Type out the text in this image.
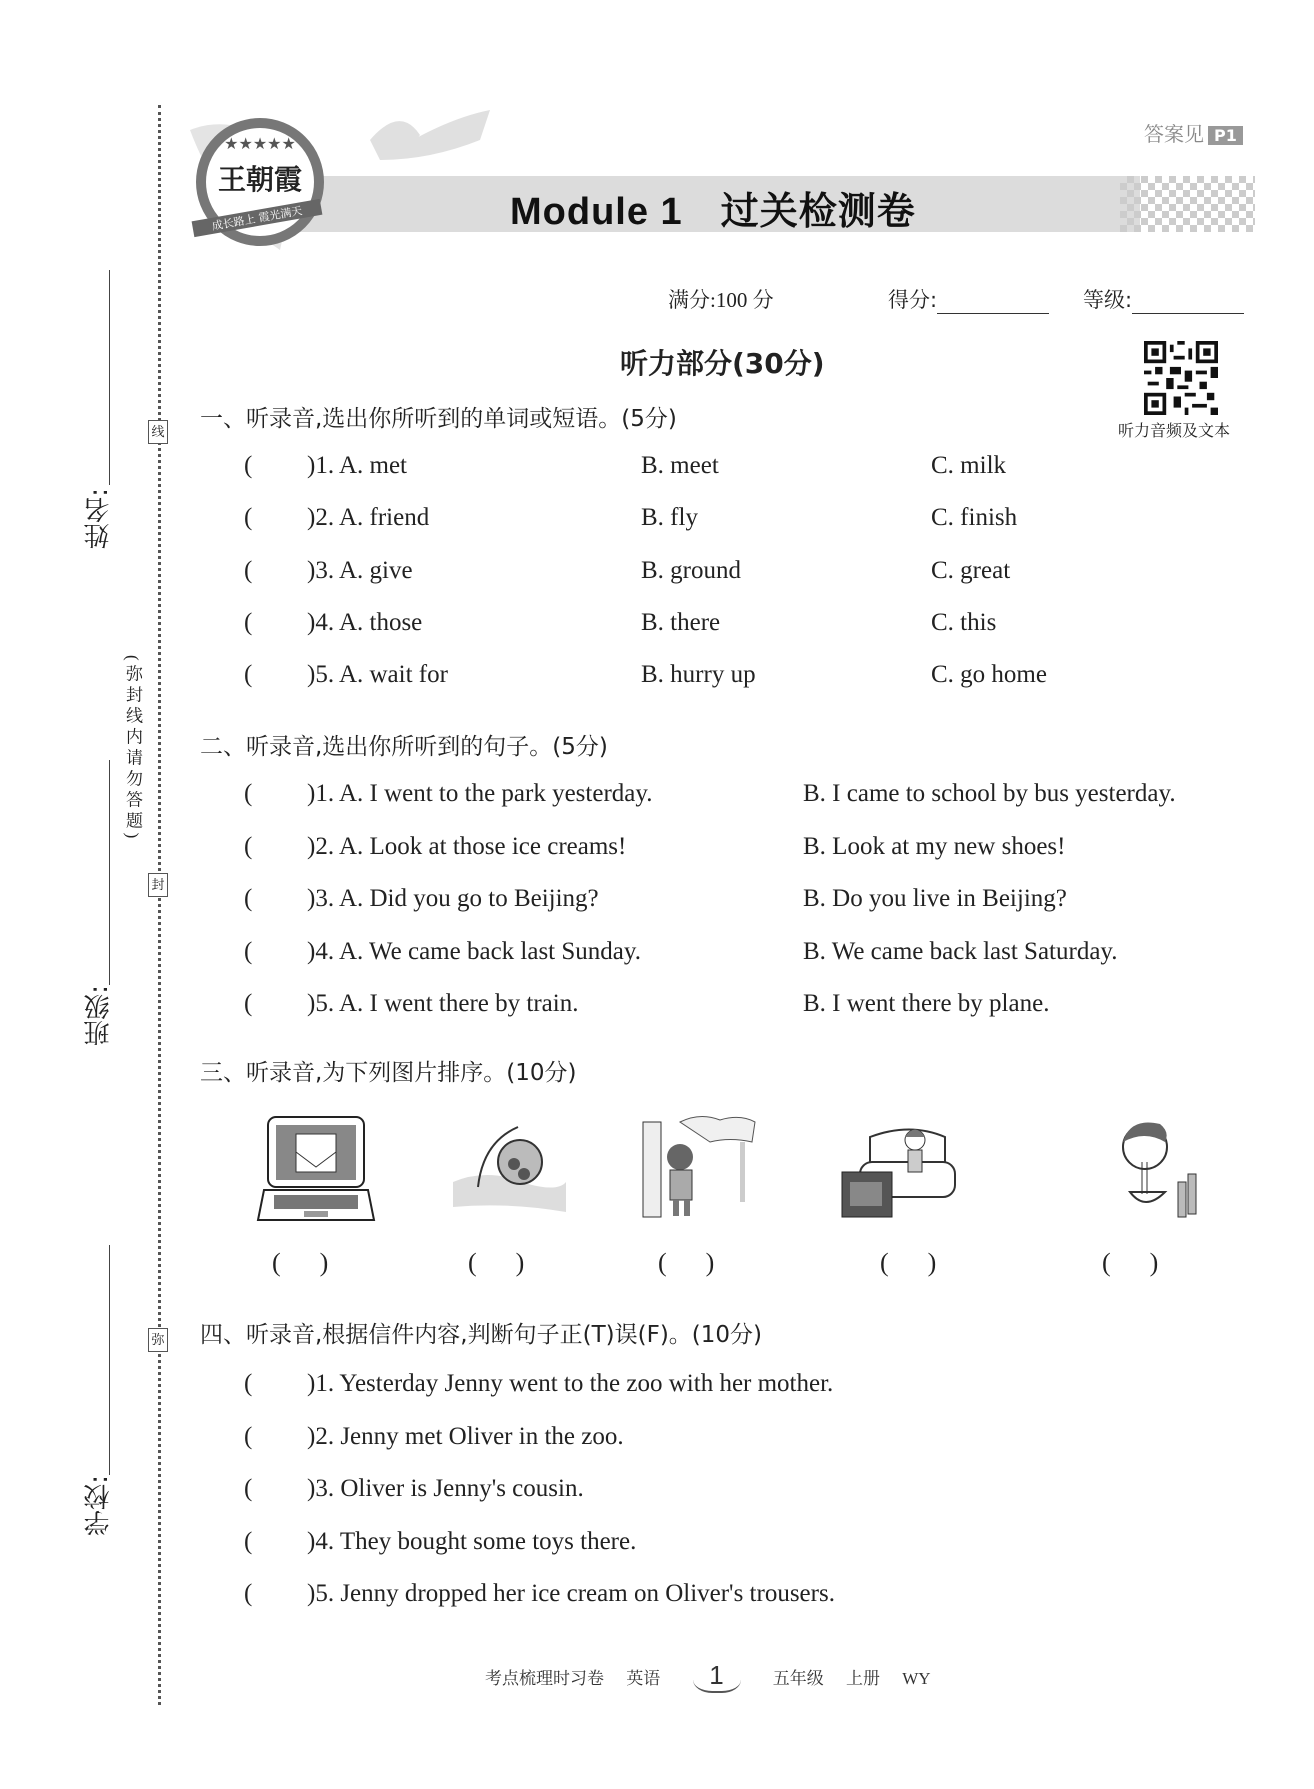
线
封
弥
(弥封线内请勿答题)
姓名:
班级:
学校:
★★★★★
王朝霞
成长路上 霞光满天	Module 1 过关检测卷
答案见 P1
满分:100 分	得分:	等级:
听力部分(30分)
听力音频及文本
一、听录音,选出你所听到的单词或短语。(5分)
( )1. A. met	B. meet	C. milk
( )2. A. friend	B. fly	C. finish
( )3. A. give	B. ground	C. great
( )4. A. those	B. there	C. this
( )5. A. wait for	B. hurry up	C. go home
二、听录音,选出你所听到的句子。(5分)
( )1. A. I went to the park yesterday.	B. I came to school by bus yesterday.
( )2. A. Look at those ice creams!	B. Look at my new shoes!
( )3. A. Did you go to Beijing?	B. Do you live in Beijing?
( )4. A. We came back last Sunday.	B. We came back last Saturday.
( )5. A. I went there by train.	B. I went there by plane.
三、听录音,为下列图片排序。(10分)
(      )	(      )	(      )	(      )	(      )
四、听录音,根据信件内容,判断句子正(T)误(F)。(10分)
( )1. Yesterday Jenny went to the zoo with her mother.
( )2. Jenny met Oliver in the zoo.
( )3. Oliver is Jenny's cousin.
( )4. They bought some toys there.
( )5. Jenny dropped her ice cream on Oliver's trousers.
考点梳理时习卷 英语 1	五年级 上册 WY
